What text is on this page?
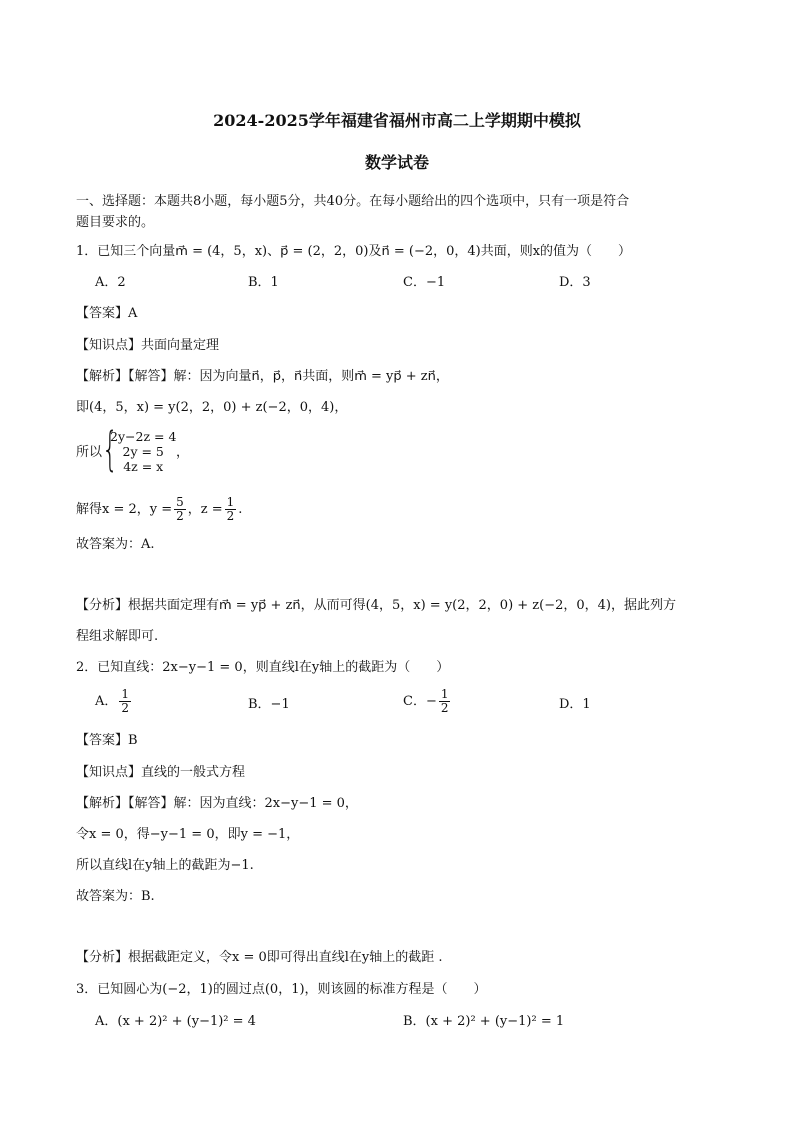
2024-2025学年福建省福州市高二上学期期中模拟
数学试卷
一、选择题：本题共8小题，每小题5分，共40分。在每小题给出的四个选项中，只有一项是符合
题目要求的。
1．已知三个向量m⃗ = (4，5，x)、p⃗ = (2，2，0)及n⃗ = (−2，0，4)共面，则x的值为（　　）
A．2	B．1	C．−1	D．3
【答案】A
【知识点】共面向量定理
【解析】【解答】解：因为向量n⃗，p⃗，n⃗共面，则m⃗ = yp⃗ + zn⃗，
即(4，5，x) = y(2，2，0) + z(−2，0，4)，
所以 {
2y−2z = 4
2y = 5
4z = x
，
解得x = 2，$y = \frac{5}{2}$ ，$z = \frac{1}{2}$ .
故答案为：A.
【分析】根据共面定理有m⃗ = yp⃗ + zn⃗，从而可得(4，5，x) = y(2，2，0) + z(−2，0，4)，据此列方
程组求解即可.
2．已知直线：2x−y−1 = 0，则直线l在y轴上的截距为（　　）
A． $\frac{1}{2}$	B．−1	C．− $\frac{1}{2}$	D．1
【答案】B
【知识点】直线的一般式方程
【解析】【解答】解：因为直线：2x−y−1 = 0，
令x = 0，得−y−1 = 0，即y = −1，
所以直线l在y轴上的截距为−1.
故答案为：B.
【分析】根据截距定义，令x = 0即可得出直线l在y轴上的截距 .
3．已知圆心为(−2，1)的圆过点(0，1)，则该圆的标准方程是（　　）
A．(x + 2)² + (y−1)² = 4	B．(x + 2)² + (y−1)² = 1
